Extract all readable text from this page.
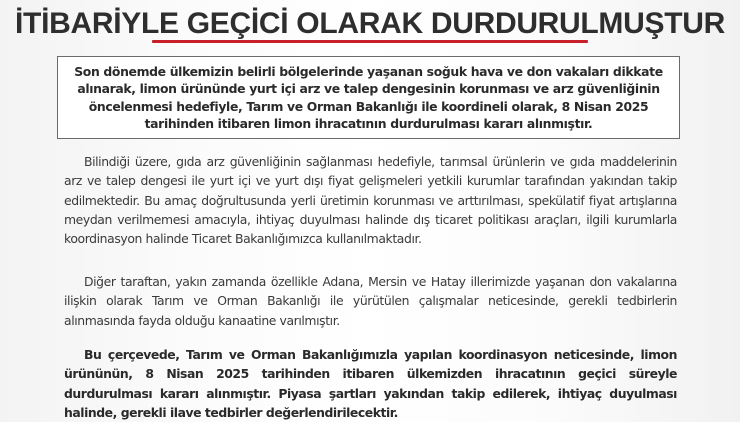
İTİBARİYLE GEÇİCİ OLARAK DURDURULMUŞTUR

Son dönemde ülkemizin belirli bölgelerinde yaşanan soğuk hava ve don vakaları dikkate alınarak, limon ürününde yurt içi arz ve talep dengesinin korunması ve arz güvenliğinin öncelenmesi hedefiyle, Tarım ve Orman Bakanlığı ile koordineli olarak, 8 Nisan 2025 tarihinden itibaren limon ihracatının durdurulması kararı alınmıştır.

Bilindiği üzere, gıda arz güvenliğinin sağlanması hedefiyle, tarımsal ürünlerin ve gıda maddelerinin arz ve talep dengesi ile yurt içi ve yurt dışı fiyat gelişmeleri yetkili kurumlar tarafından yakından takip edilmektedir. Bu amaç doğrultusunda yerli üretimin korunması ve arttırılması, spekülatif fiyat artışlarına meydan verilmemesi amacıyla, ihtiyaç duyulması halinde dış ticaret politikası araçları, ilgili kurumlarla koordinasyon halinde Ticaret Bakanlığımızca kullanılmaktadır.

Diğer taraftan, yakın zamanda özellikle Adana, Mersin ve Hatay illerimizde yaşanan don vakalarına ilişkin olarak Tarım ve Orman Bakanlığı ile yürütülen çalışmalar neticesinde, gerekli tedbirlerin alınmasında fayda olduğu kanaatine varılmıştır.

Bu çerçevede, Tarım ve Orman Bakanlığımızla yapılan koordinasyon neticesinde, limon ürününün, 8 Nisan 2025 tarihinden itibaren ülkemizden ihracatının geçici süreyle durdurulması kararı alınmıştır. Piyasa şartları yakından takip edilerek, ihtiyaç duyulması halinde, gerekli ilave tedbirler değerlendirilecektir.
